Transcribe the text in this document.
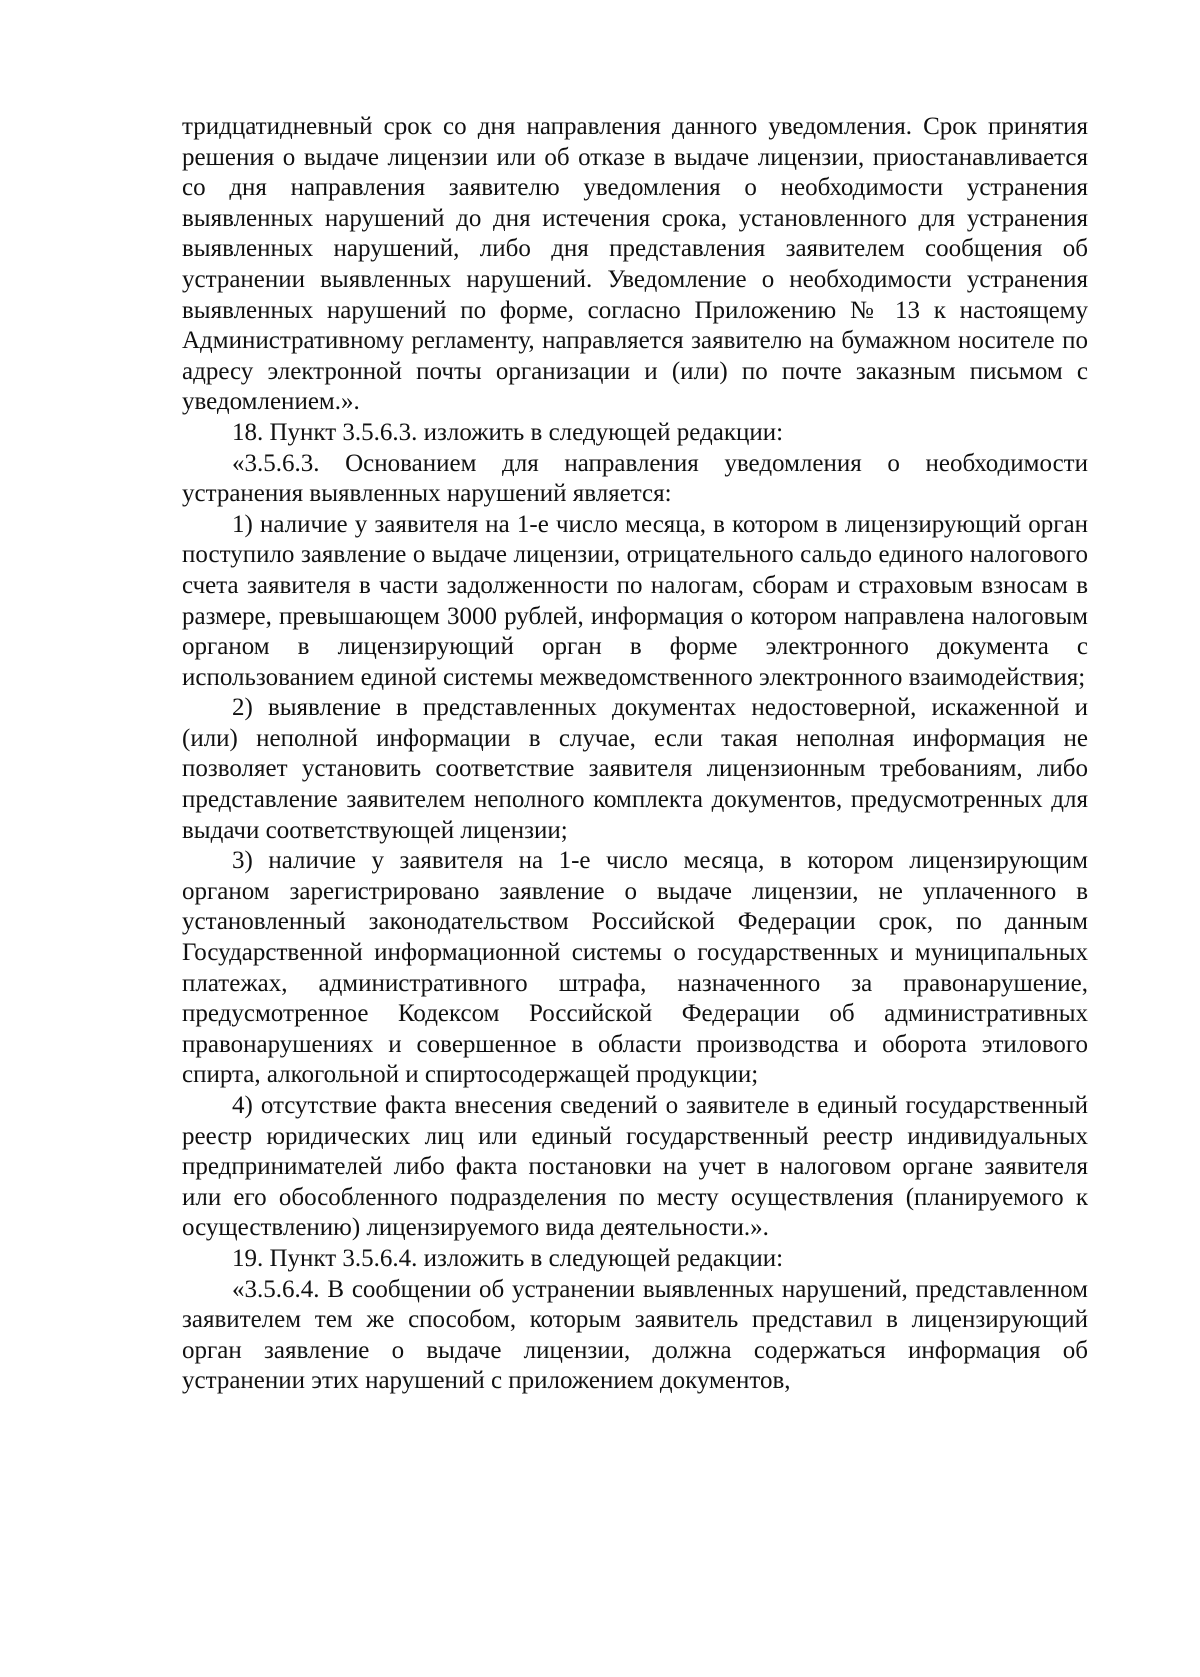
тридцатидневный срок со дня направления данного уведомления. Срок принятия решения о выдаче лицензии или об отказе в выдаче лицензии, приостанавливается со дня направления заявителю уведомления о необходимости устранения выявленных нарушений до дня истечения срока, установленного для устранения выявленных нарушений, либо дня представления заявителем сообщения об устранении выявленных нарушений. Уведомление о необходимости устранения выявленных нарушений по форме, согласно Приложению № 13 к настоящему Административному регламенту, направляется заявителю на бумажном носителе по адресу электронной почты организации и (или) по почте заказным письмом с уведомлением.».

18. Пункт 3.5.6.3. изложить в следующей редакции:

«3.5.6.3. Основанием для направления уведомления о необходимости устранения выявленных нарушений является:

1) наличие у заявителя на 1-е число месяца, в котором в лицензирующий орган поступило заявление о выдаче лицензии, отрицательного сальдо единого налогового счета заявителя в части задолженности по налогам, сборам и страховым взносам в размере, превышающем 3000 рублей, информация о котором направлена налоговым органом в лицензирующий орган в форме электронного документа с использованием единой системы межведомственного электронного взаимодействия;

2) выявление в представленных документах недостоверной, искаженной и (или) неполной информации в случае, если такая неполная информация не позволяет установить соответствие заявителя лицензионным требованиям, либо представление заявителем неполного комплекта документов, предусмотренных для выдачи соответствующей лицензии;

3) наличие у заявителя на 1-е число месяца, в котором лицензирующим органом зарегистрировано заявление о выдаче лицензии, не уплаченного в установленный законодательством Российской Федерации срок, по данным Государственной информационной системы о государственных и муниципальных платежах, административного штрафа, назначенного за правонарушение, предусмотренное Кодексом Российской Федерации об административных правонарушениях и совершенное в области производства и оборота этилового спирта, алкогольной и спиртосодержащей продукции;

4) отсутствие факта внесения сведений о заявителе в единый государственный реестр юридических лиц или единый государственный реестр индивидуальных предпринимателей либо факта постановки на учет в налоговом органе заявителя или его обособленного подразделения по месту осуществления (планируемого к осуществлению) лицензируемого вида деятельности.».

19. Пункт 3.5.6.4. изложить в следующей редакции:

«3.5.6.4. В сообщении об устранении выявленных нарушений, представленном заявителем тем же способом, которым заявитель представил в лицензирующий орган заявление о выдаче лицензии, должна содержаться информация об устранении этих нарушений с приложением документов,
